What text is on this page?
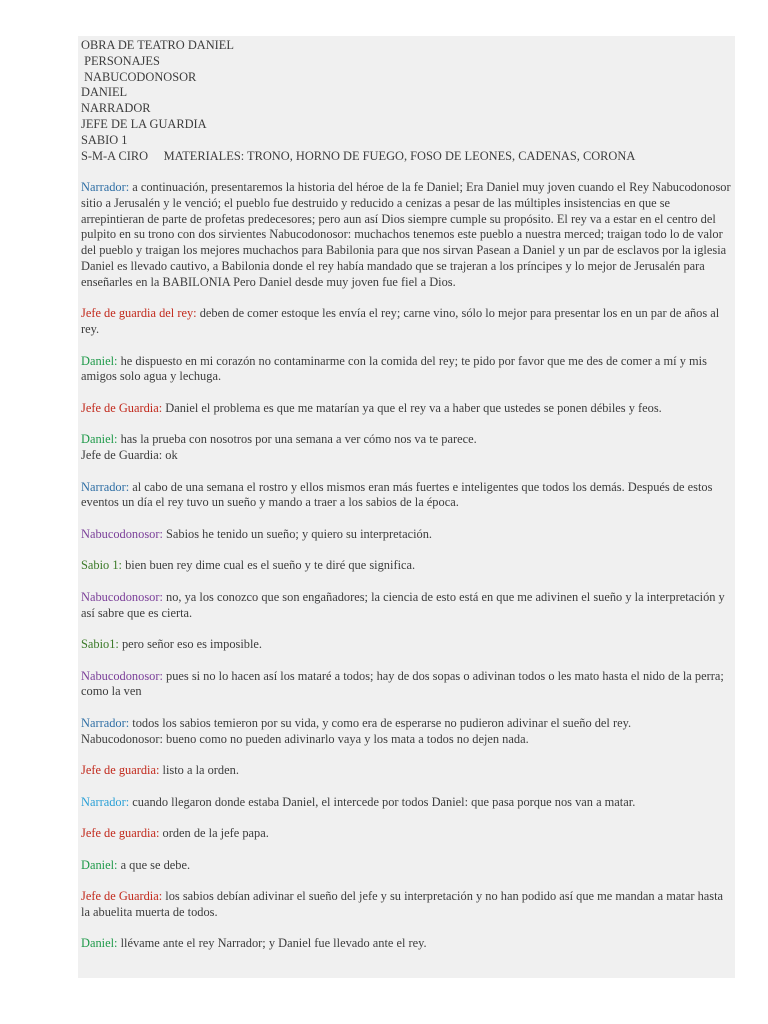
OBRA DE TEATRO DANIEL
PERSONAJES
NABUCODONOSOR
DANIEL
NARRADOR
JEFE DE LA GUARDIA
SABIO 1
S-M-A CIRO     MATERIALES: TRONO, HORNO DE FUEGO, FOSO DE LEONES, CADENAS, CORONA
Narrador: a continuación, presentaremos la historia del héroe de la fe Daniel; Era Daniel muy joven cuando el Rey Nabucodonosor sitio a Jerusalén y le venció; el pueblo fue destruido y reducido a cenizas a pesar de las múltiples insistencias en que se arrepintieran de parte de profetas predecesores; pero aun así Dios siempre cumple su propósito. El rey va a estar en el centro del pulpito en su trono con dos sirvientes Nabucodonosor: muchachos tenemos este pueblo a nuestra merced; traigan todo lo de valor del pueblo y traigan los mejores muchachos para Babilonia para que nos sirvan Pasean a Daniel y un par de esclavos por la iglesia Daniel es llevado cautivo, a Babilonia donde el rey había mandado que se trajeran a los príncipes y lo mejor de Jerusalén para enseñarles en la BABILONIA Pero Daniel desde muy joven fue fiel a Dios.
Jefe de guardia del rey: deben de comer estoque les envía el rey; carne vino, sólo lo mejor para presentar los en un par de años al rey.
Daniel: he dispuesto en mi corazón no contaminarme con la comida del rey; te pido por favor que me des de comer a mí y mis amigos solo agua y lechuga.
Jefe de Guardia: Daniel el problema es que me matarían ya que el rey va a haber que ustedes se ponen débiles y feos.
Daniel: has la prueba con nosotros por una semana a ver cómo nos va te parece.
Jefe de Guardia: ok
Narrador: al cabo de una semana el rostro y ellos mismos eran más fuertes e inteligentes que todos los demás. Después de estos eventos un día el rey tuvo un sueño y mando a traer a los sabios de la época.
Nabucodonosor: Sabios he tenido un sueño; y quiero su interpretación.
Sabio 1: bien buen rey dime cual es el sueño y te diré que significa.
Nabucodonosor: no, ya los conozco que son engañadores; la ciencia de esto está en que me adivinen el sueño y la interpretación y así sabre que es cierta.
Sabio1: pero señor eso es imposible.
Nabucodonosor: pues si no lo hacen así los mataré a todos; hay de dos sopas o adivinan todos o les mato hasta el nido de la perra; como la ven
Narrador: todos los sabios temieron por su vida, y como era de esperarse no pudieron adivinar el sueño del rey.
Nabucodonosor: bueno como no pueden adivinarlo vaya y los mata a todos no dejen nada.
Jefe de guardia: listo a la orden.
Narrador: cuando llegaron donde estaba Daniel, el intercede por todos Daniel: que pasa porque nos van a matar.
Jefe de guardia: orden de la jefe papa.
Daniel: a que se debe.
Jefe de Guardia: los sabios debían adivinar el sueño del jefe y su interpretación y no han podido así que me mandan a matar hasta la abuelita muerta de todos.
Daniel: llévame ante el rey Narrador; y Daniel fue llevado ante el rey.
